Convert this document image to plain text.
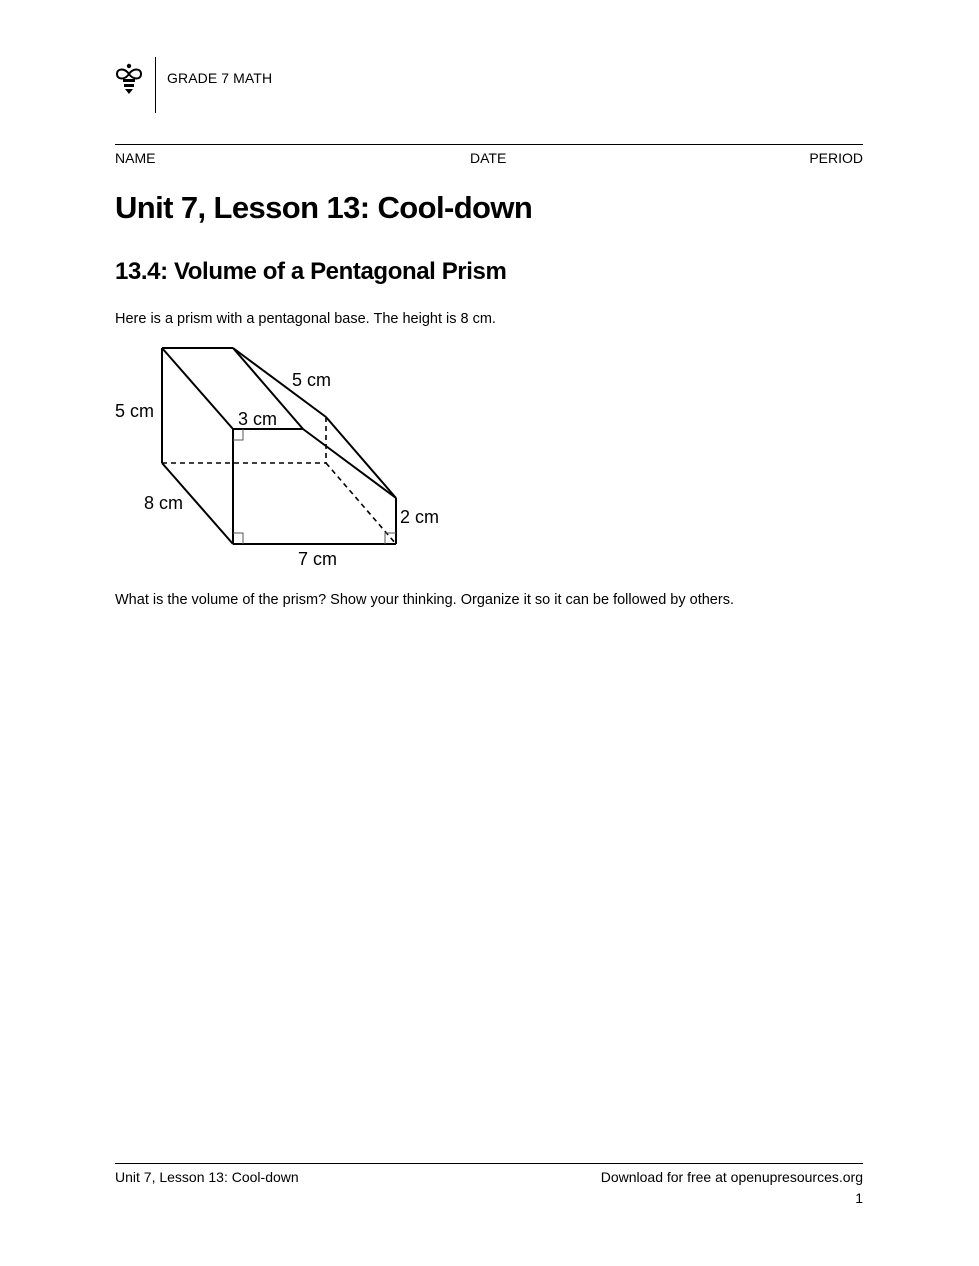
GRADE 7 MATH
NAME	DATE	PERIOD
Unit 7, Lesson 13: Cool-down
13.4: Volume of a Pentagonal Prism
Here is a prism with a pentagonal base. The height is 8 cm.
5 cm
5 cm
3 cm
8 cm
2 cm
7 cm
What is the volume of the prism? Show your thinking. Organize it so it can be followed by others.
Unit 7, Lesson 13: Cool-down	Download for free at openupresources.org
1
